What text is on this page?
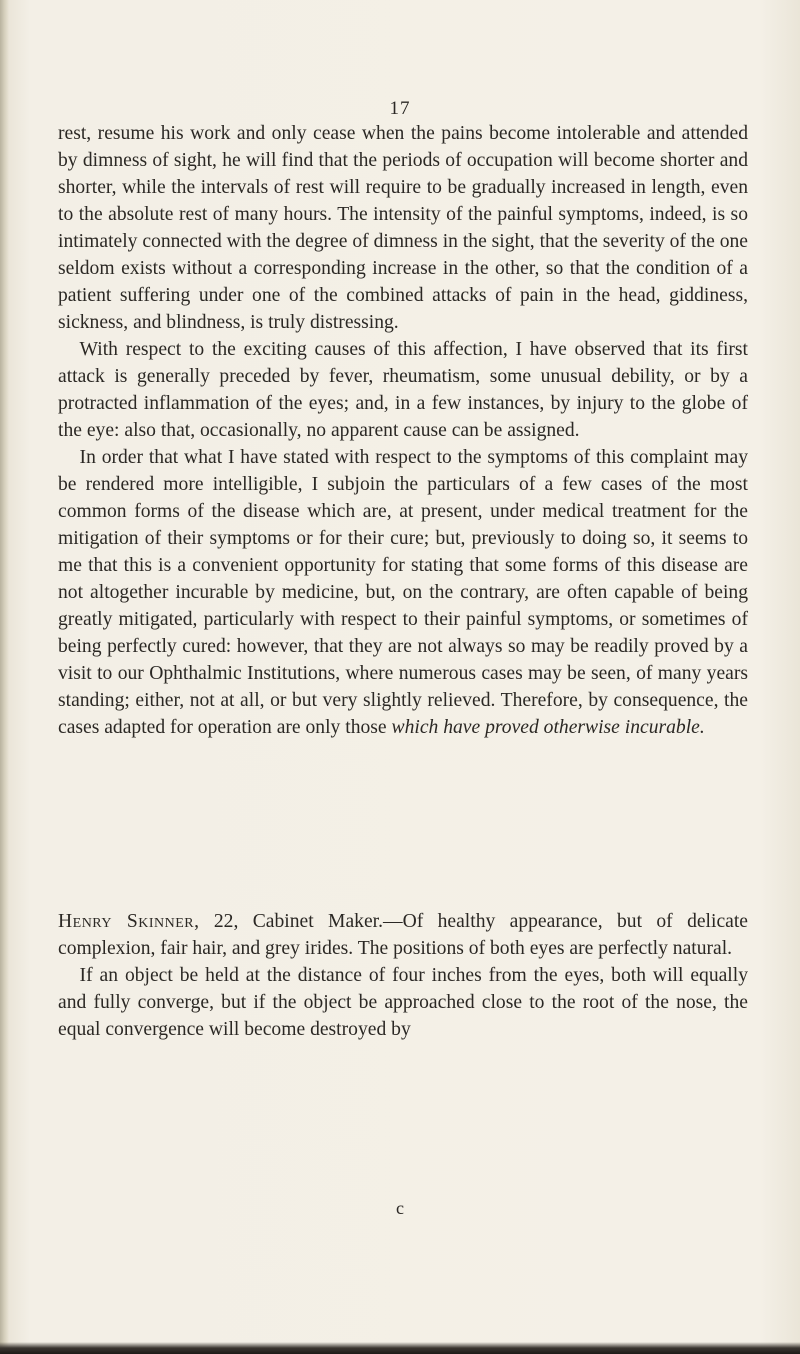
17

rest, resume his work and only cease when the pains become intolerable and attended by dimness of sight, he will find that the periods of occupation will become shorter and shorter, while the intervals of rest will require to be gradually increased in length, even to the absolute rest of many hours. The intensity of the painful symptoms, indeed, is so intimately connected with the degree of dimness in the sight, that the severity of the one seldom exists without a corresponding increase in the other, so that the condition of a patient suffering under one of the combined attacks of pain in the head, giddiness, sickness, and blindness, is truly distressing.

With respect to the exciting causes of this affection, I have observed that its first attack is generally preceded by fever, rheumatism, some unusual debility, or by a protracted inflammation of the eyes; and, in a few instances, by injury to the globe of the eye: also that, occasionally, no apparent cause can be assigned.

In order that what I have stated with respect to the symptoms of this complaint may be rendered more intelligible, I subjoin the particulars of a few cases of the most common forms of the disease which are, at present, under medical treatment for the mitigation of their symptoms or for their cure; but, previously to doing so, it seems to me that this is a convenient opportunity for stating that some forms of this disease are not altogether incurable by medicine, but, on the contrary, are often capable of being greatly mitigated, particularly with respect to their painful symptoms, or sometimes of being perfectly cured: however, that they are not always so may be readily proved by a visit to our Ophthalmic Institutions, where numerous cases may be seen, of many years standing; either, not at all, or but very slightly relieved. Therefore, by consequence, the cases adapted for operation are only those which have proved otherwise incurable.

Henry Skinner, 22, Cabinet Maker.—Of healthy appearance, but of delicate complexion, fair hair, and grey irides. The positions of both eyes are perfectly natural.

If an object be held at the distance of four inches from the eyes, both will equally and fully converge, but if the object be approached close to the root of the nose, the equal convergence will become destroyed by

c
